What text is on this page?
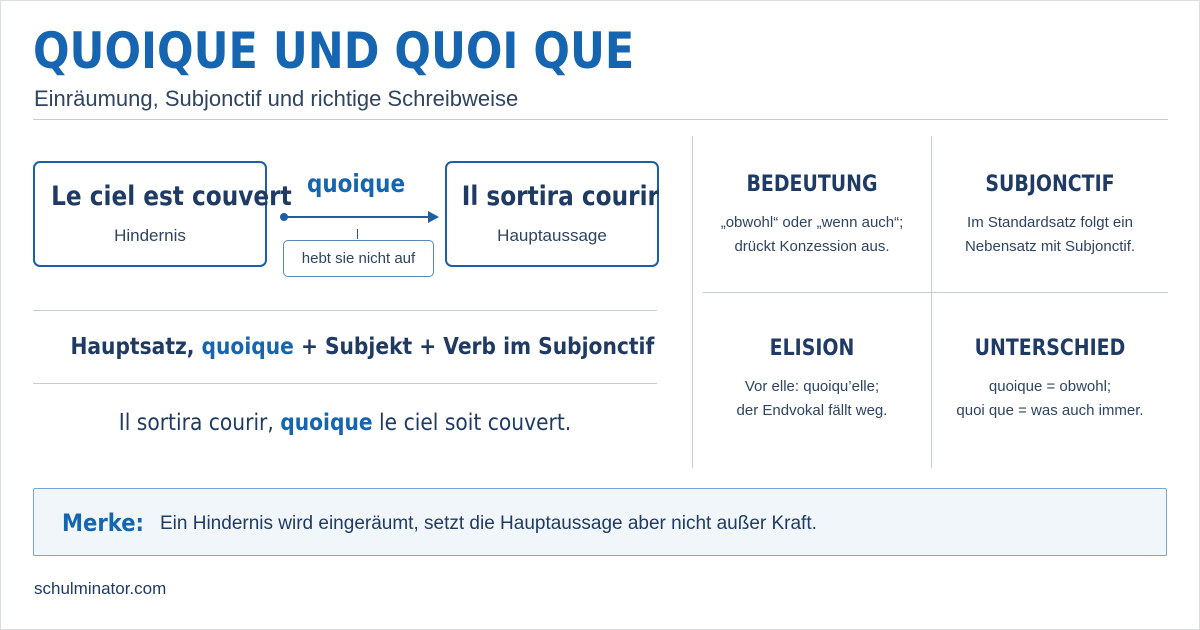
QUOIQUE UND QUOI QUE
Einräumung, Subjonctif und richtige Schreibweise
Le ciel est couvert
Hindernis
quoique
hebt sie nicht auf
Il sortira courir
Hauptaussage
Hauptsatz, quoique + Subjekt + Verb im Subjonctif
Il sortira courir, quoique le ciel soit couvert.
BEDEUTUNG

„obwohl“ oder „wenn auch“;
drückt Konzession aus.

SUBJONCTIF

Im Standardsatz folgt ein
Nebensatz mit Subjonctif.

ELISION

Vor elle: quoiqu’elle;
der Endvokal fällt weg.

UNTERSCHIED

quoique = obwohl;
quoi que = was auch immer.

Merke: Ein Hindernis wird eingeräumt, setzt die Hauptaussage aber nicht außer Kraft.
schulminator.com
